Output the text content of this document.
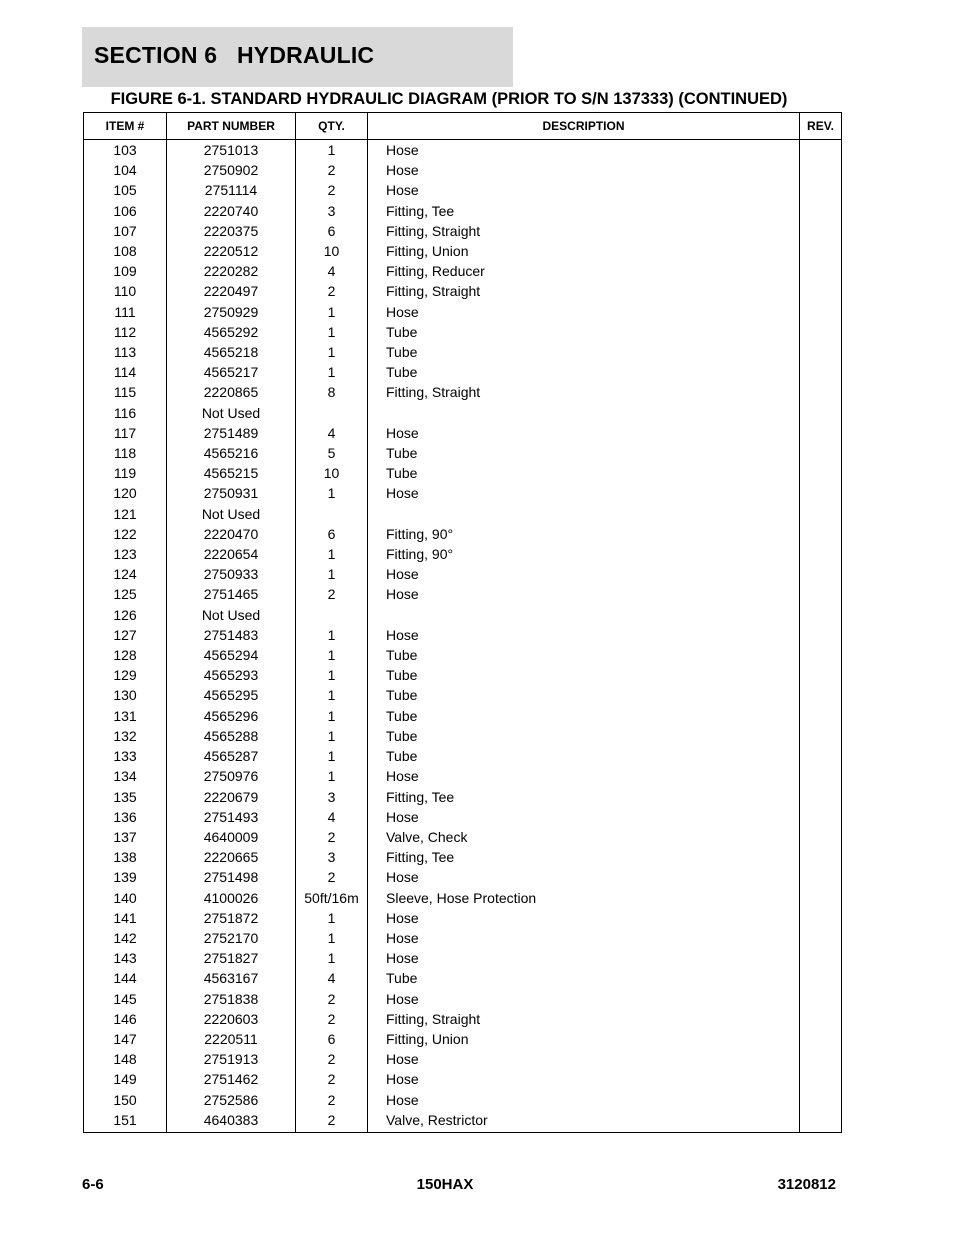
SECTION 6   HYDRAULIC
FIGURE 6-1. STANDARD HYDRAULIC DIAGRAM (PRIOR TO S/N 137333) (CONTINUED)
ITEM #	PART NUMBER	QTY.	DESCRIPTION	REV.
103	2751013	1	Hose	
104	2750902	2	Hose	
105	2751114	2	Hose	
106	2220740	3	Fitting, Tee	
107	2220375	6	Fitting, Straight	
108	2220512	10	Fitting, Union	
109	2220282	4	Fitting, Reducer	
110	2220497	2	Fitting, Straight	
111	2750929	1	Hose	
112	4565292	1	Tube	
113	4565218	1	Tube	
114	4565217	1	Tube	
115	2220865	8	Fitting, Straight	
116	Not Used			
117	2751489	4	Hose	
118	4565216	5	Tube	
119	4565215	10	Tube	
120	2750931	1	Hose	
121	Not Used			
122	2220470	6	Fitting, 90°	
123	2220654	1	Fitting, 90°	
124	2750933	1	Hose	
125	2751465	2	Hose	
126	Not Used			
127	2751483	1	Hose	
128	4565294	1	Tube	
129	4565293	1	Tube	
130	4565295	1	Tube	
131	4565296	1	Tube	
132	4565288	1	Tube	
133	4565287	1	Tube	
134	2750976	1	Hose	
135	2220679	3	Fitting, Tee	
136	2751493	4	Hose	
137	4640009	2	Valve, Check	
138	2220665	3	Fitting, Tee	
139	2751498	2	Hose	
140	4100026	50ft/16m	Sleeve, Hose Protection	
141	2751872	1	Hose	
142	2752170	1	Hose	
143	2751827	1	Hose	
144	4563167	4	Tube	
145	2751838	2	Hose	
146	2220603	2	Fitting, Straight	
147	2220511	6	Fitting, Union	
148	2751913	2	Hose	
149	2751462	2	Hose	
150	2752586	2	Hose	
151	4640383	2	Valve, Restrictor	
6-6	150HAX	3120812
